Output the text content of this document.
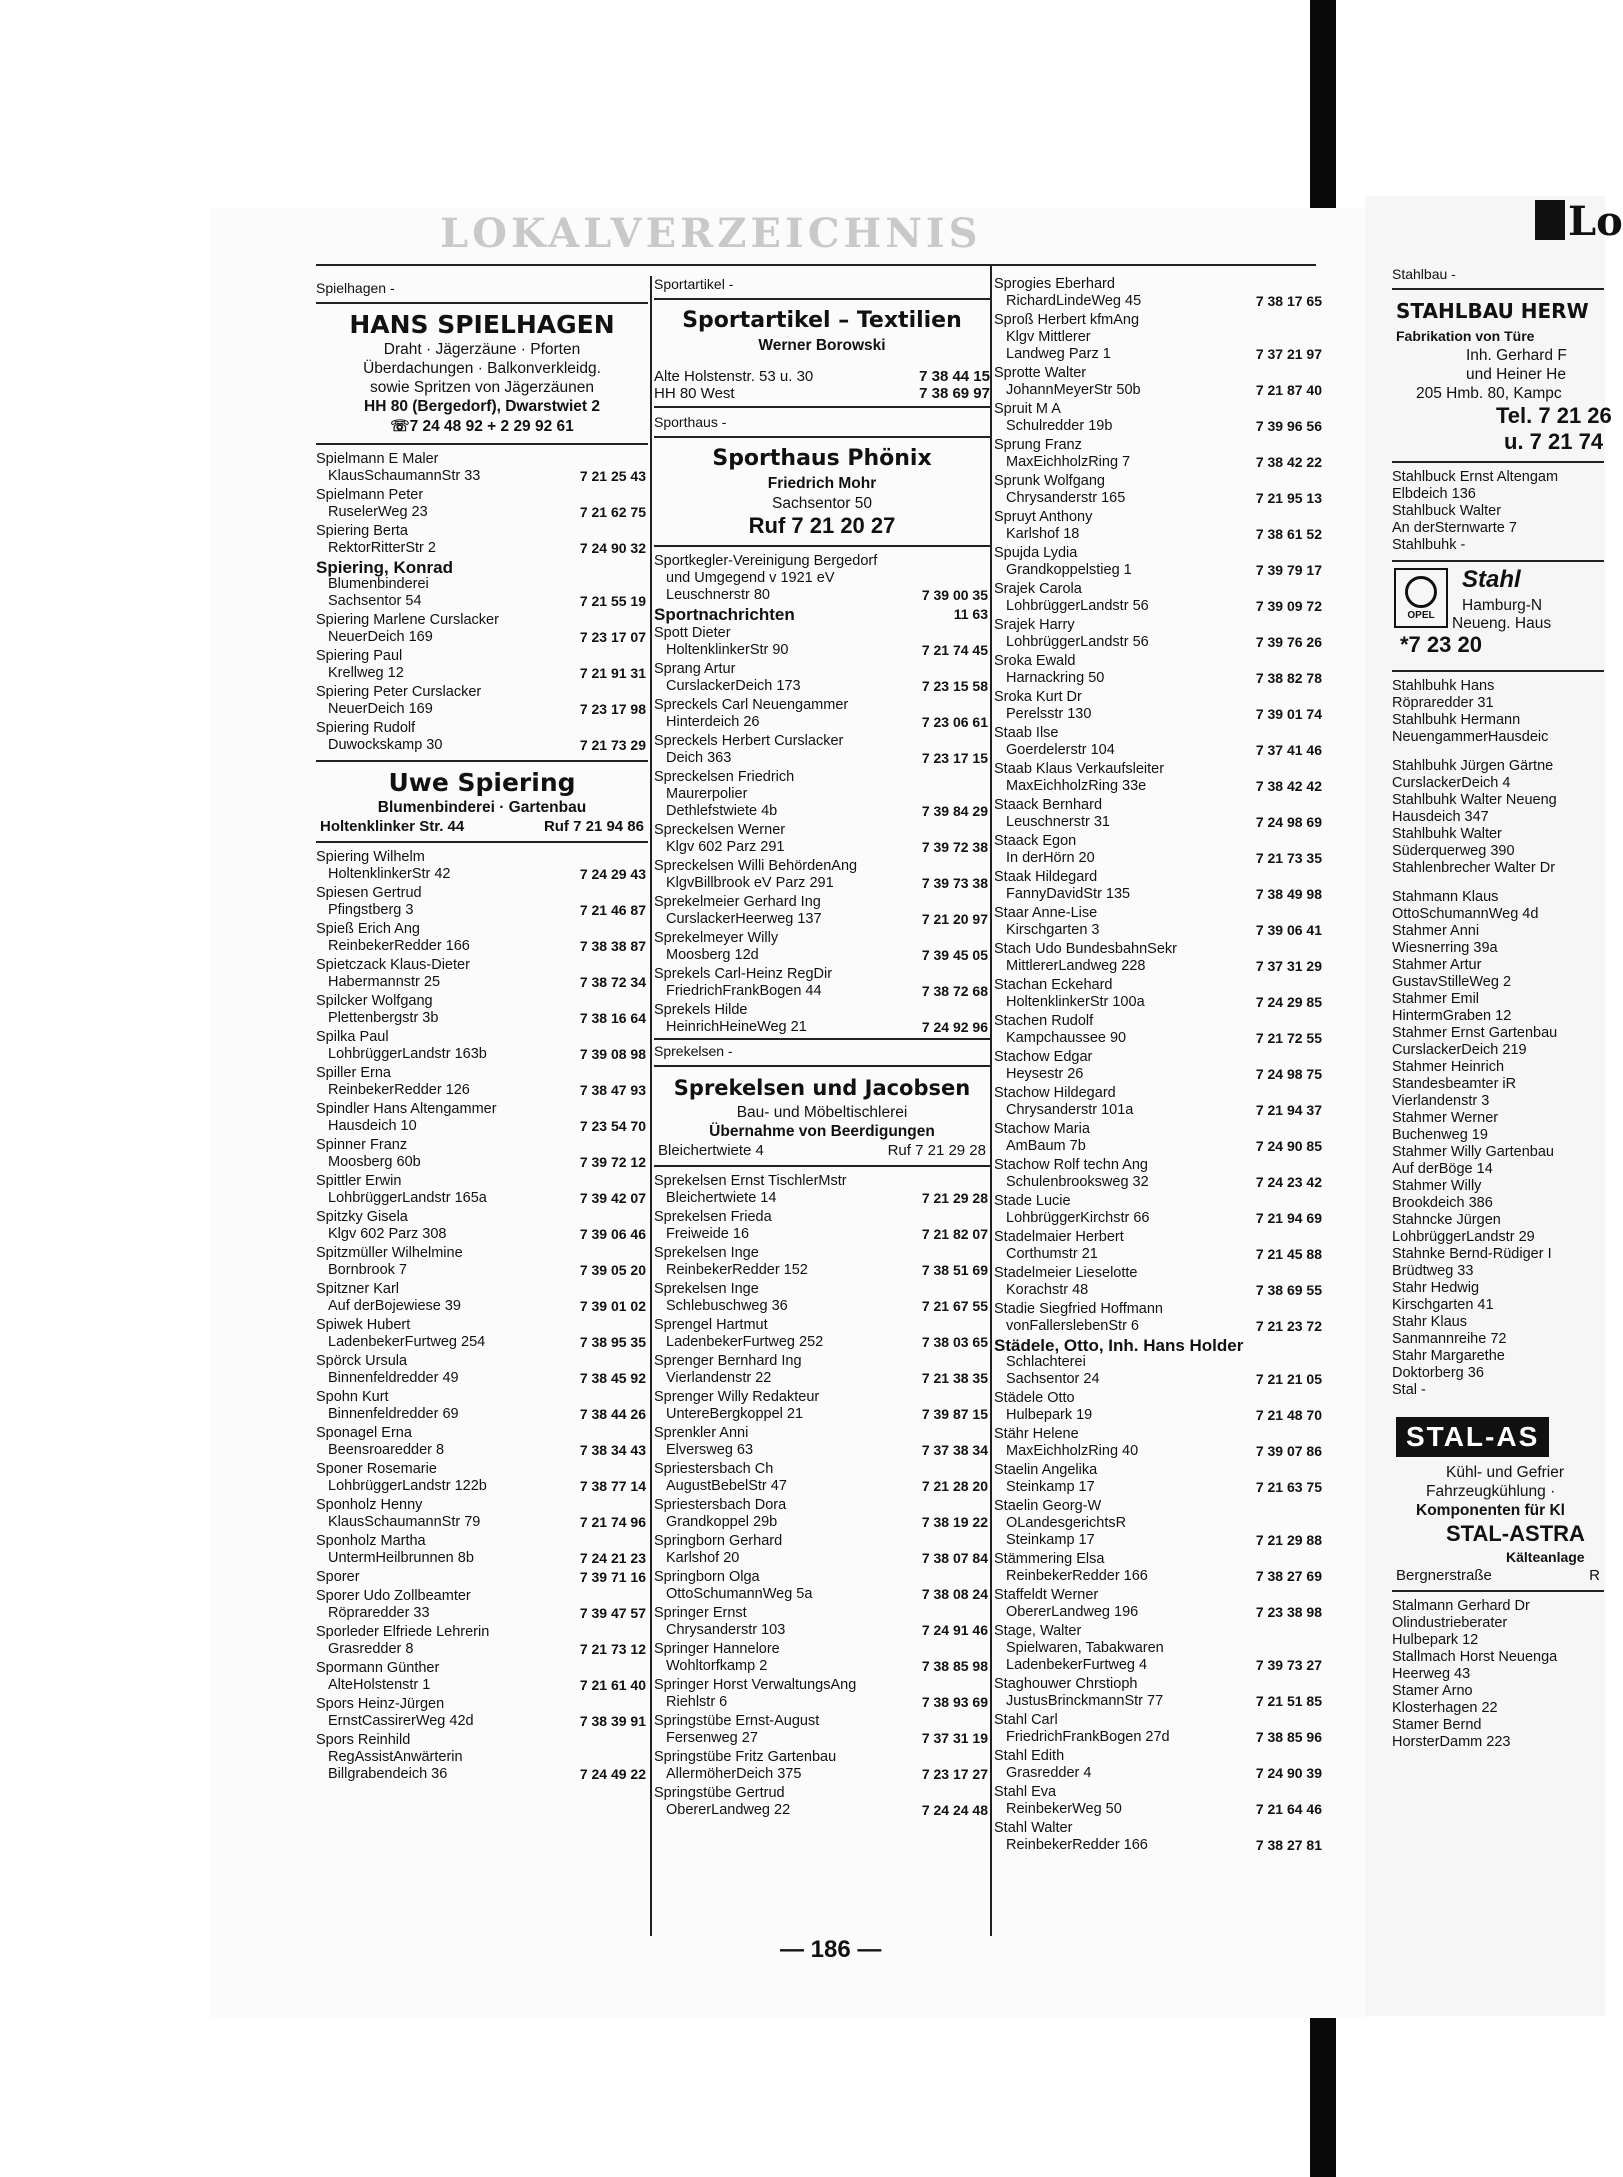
Lo
LOKALVERZEICHNIS
Spielhagen -
HANS SPIELHAGEN
Draht · Jägerzäune · Pforten
Überdachungen · Balkonverkleidg.
sowie Spritzen von Jägerzäunen
HH 80 (Bergedorf), Dwarstwiet 2
☏7 24 48 92 + 2 29 92 61
Spielmann E Maler
KlausSchaumannStr 33	7 21 25 43
Spielmann Peter
RuselerWeg 23	7 21 62 75
Spiering Berta
RektorRitterStr 2	7 24 90 32
Spiering, Konrad
Blumenbinderei
Sachsentor 54	7 21 55 19
Spiering Marlene Curslacker
NeuerDeich 169	7 23 17 07
Spiering Paul
Krellweg 12	7 21 91 31
Spiering Peter Curslacker
NeuerDeich 169	7 23 17 98
Spiering Rudolf
Duwockskamp 30	7 21 73 29
Uwe Spiering
Blumenbinderei · Gartenbau
Holtenklinker Str. 44	Ruf 7 21 94 86
Spiering Wilhelm
HoltenklinkerStr 42	7 24 29 43
Spiesen Gertrud
Pfingstberg 3	7 21 46 87
Spieß Erich Ang
ReinbekerRedder 166	7 38 38 87
Spietczack Klaus-Dieter
Habermannstr 25	7 38 72 34
Spilcker Wolfgang
Plettenbergstr 3b	7 38 16 64
Spilka Paul
LohbrüggerLandstr 163b	7 39 08 98
Spiller Erna
ReinbekerRedder 126	7 38 47 93
Spindler Hans Altengammer
Hausdeich 10	7 23 54 70
Spinner Franz
Moosberg 60b	7 39 72 12
Spittler Erwin
LohbrüggerLandstr 165a	7 39 42 07
Spitzky Gisela
Klgv 602 Parz 308	7 39 06 46
Spitzmüller Wilhelmine
Bornbrook 7	7 39 05 20
Spitzner Karl
Auf derBojewiese 39	7 39 01 02
Spiwek Hubert
LadenbekerFurtweg 254	7 38 95 35
Spörck Ursula
Binnenfeldredder 49	7 38 45 92
Spohn Kurt
Binnenfeldredder 69	7 38 44 26
Sponagel Erna
Beensroaredder 8	7 38 34 43
Sponer Rosemarie
LohbrüggerLandstr 122b	7 38 77 14
Sponholz Henny
KlausSchaumannStr 79	7 21 74 96
Sponholz Martha
UntermHeilbrunnen 8b	7 24 21 23
Sporer	7 39 71 16
Sporer Udo Zollbeamter
Röpraredder 33	7 39 47 57
Sporleder Elfriede Lehrerin
Grasredder 8	7 21 73 12
Spormann Günther
AlteHolstenstr 1	7 21 61 40
Spors Heinz-Jürgen
ErnstCassirerWeg 42d	7 38 39 91
Spors Reinhild
RegAssistAnwärterin
Billgrabendeich 36	7 24 49 22
Sportartikel -
Sportartikel – Textilien
Werner Borowski
Alte Holstenstr. 53 u. 30	7 38 44 15
HH 80 West	7 38 69 97
Sporthaus -
Sporthaus Phönix
Friedrich Mohr
Sachsentor 50
Ruf 7 21 20 27
Sportkegler-Vereinigung Bergedorf
und Umgegend v 1921 eV
Leuschnerstr 80	7 39 00 35
Sportnachrichten	11 63
Spott Dieter
HoltenklinkerStr 90	7 21 74 45
Sprang Artur
CurslackerDeich 173	7 23 15 58
Spreckels Carl Neuengammer
Hinterdeich 26	7 23 06 61
Spreckels Herbert Curslacker
Deich 363	7 23 17 15
Spreckelsen Friedrich
Maurerpolier
Dethlefstwiete 4b	7 39 84 29
Spreckelsen Werner
Klgv 602 Parz 291	7 39 72 38
Spreckelsen Willi BehördenAng
KlgvBillbrook eV Parz 291	7 39 73 38
Sprekelmeier Gerhard Ing
CurslackerHeerweg 137	7 21 20 97
Sprekelmeyer Willy
Moosberg 12d	7 39 45 05
Sprekels Carl-Heinz RegDir
FriedrichFrankBogen 44	7 38 72 68
Sprekels Hilde
HeinrichHeineWeg 21	7 24 92 96
Sprekelsen -
Sprekelsen und Jacobsen
Bau- und Möbeltischlerei
Übernahme von Beerdigungen
Bleichertwiete 4	Ruf 7 21 29 28
Sprekelsen Ernst TischlerMstr
Bleichertwiete 14	7 21 29 28
Sprekelsen Frieda
Freiweide 16	7 21 82 07
Sprekelsen Inge
ReinbekerRedder 152	7 38 51 69
Sprekelsen Inge
Schlebuschweg 36	7 21 67 55
Sprengel Hartmut
LadenbekerFurtweg 252	7 38 03 65
Sprenger Bernhard Ing
Vierlandenstr 22	7 21 38 35
Sprenger Willy Redakteur
UntereBergkoppel 21	7 39 87 15
Sprenkler Anni
Elversweg 63	7 37 38 34
Spriestersbach Ch
AugustBebelStr 47	7 21 28 20
Spriestersbach Dora
Grandkoppel 29b	7 38 19 22
Springborn Gerhard
Karlshof 20	7 38 07 84
Springborn Olga
OttoSchumannWeg 5a	7 38 08 24
Springer Ernst
Chrysanderstr 103	7 24 91 46
Springer Hannelore
Wohltorfkamp 2	7 38 85 98
Springer Horst VerwaltungsAng
Riehlstr 6	7 38 93 69
Springstübe Ernst-August
Fersenweg 27	7 37 31 19
Springstübe Fritz Gartenbau
AllermöherDeich 375	7 23 17 27
Springstübe Gertrud
ObererLandweg 22	7 24 24 48
Sprogies Eberhard
RichardLindeWeg 45	7 38 17 65
Sproß Herbert kfmAng
Klgv Mittlerer
Landweg Parz 1	7 37 21 97
Sprotte Walter
JohannMeyerStr 50b	7 21 87 40
Spruit M A
Schulredder 19b	7 39 96 56
Sprung Franz
MaxEichholzRing 7	7 38 42 22
Sprunk Wolfgang
Chrysanderstr 165	7 21 95 13
Spruyt Anthony
Karlshof 18	7 38 61 52
Spujda Lydia
Grandkoppelstieg 1	7 39 79 17
Srajek Carola
LohbrüggerLandstr 56	7 39 09 72
Srajek Harry
LohbrüggerLandstr 56	7 39 76 26
Sroka Ewald
Harnackring 50	7 38 82 78
Sroka Kurt Dr
Perelsstr 130	7 39 01 74
Staab Ilse
Goerdelerstr 104	7 37 41 46
Staab Klaus Verkaufsleiter
MaxEichholzRing 33e	7 38 42 42
Staack Bernhard
Leuschnerstr 31	7 24 98 69
Staack Egon
In derHörn 20	7 21 73 35
Staak Hildegard
FannyDavidStr 135	7 38 49 98
Staar Anne-Lise
Kirschgarten 3	7 39 06 41
Stach Udo BundesbahnSekr
MittlererLandweg 228	7 37 31 29
Stachan Eckehard
HoltenklinkerStr 100a	7 24 29 85
Stachen Rudolf
Kampchaussee 90	7 21 72 55
Stachow Edgar
Heysestr 26	7 24 98 75
Stachow Hildegard
Chrysanderstr 101a	7 21 94 37
Stachow Maria
AmBaum 7b	7 24 90 85
Stachow Rolf techn Ang
Schulenbrooksweg 32	7 24 23 42
Stade Lucie
LohbrüggerKirchstr 66	7 21 94 69
Stadelmaier Herbert
Corthumstr 21	7 21 45 88
Stadelmeier Lieselotte
Korachstr 48	7 38 69 55
Stadie Siegfried Hoffmann
vonFallerslebenStr 6	7 21 23 72
Städele, Otto, Inh. Hans Holder
Schlachterei
Sachsentor 24	7 21 21 05
Städele Otto
Hulbepark 19	7 21 48 70
Stähr Helene
MaxEichholzRing 40	7 39 07 86
Staelin Angelika
Steinkamp 17	7 21 63 75
Staelin Georg-W
OLandesgerichtsR
Steinkamp 17	7 21 29 88
Stämmering Elsa
ReinbekerRedder 166	7 38 27 69
Staffeldt Werner
ObererLandweg 196	7 23 38 98
Stage, Walter
Spielwaren, Tabakwaren
LadenbekerFurtweg 4	7 39 73 27
Staghouwer Chrstioph
JustusBrinckmannStr 77	7 21 51 85
Stahl Carl
FriedrichFrankBogen 27d	7 38 85 96
Stahl Edith
Grasredder 4	7 24 90 39
Stahl Eva
ReinbekerWeg 50	7 21 64 46
Stahl Walter
ReinbekerRedder 166	7 38 27 81
— 186 —
Stahlbau -
STAHLBAU HERW
Fabrikation von Türe
Inh. Gerhard F
und Heiner He
205 Hmb. 80, Kampc
Tel. 7 21 26
u. 7 21 74
Stahlbuck Ernst Altengam
Elbdeich 136
Stahlbuck Walter
An derSternwarte 7
Stahlbuhk -
OPEL
Stahl
Hamburg-N
Neueng. Haus
*7 23 20
Stahlbuhk Hans
Röpraredder 31
Stahlbuhk Hermann
NeuengammerHausdeic
Stahlbuhk Jürgen Gärtne
CurslackerDeich 4
Stahlbuhk Walter Neueng
Hausdeich 347
Stahlbuhk Walter
Süderquerweg 390
Stahlenbrecher Walter Dr
Stahmann Klaus
OttoSchumannWeg 4d
Stahmer Anni
Wiesnerring 39a
Stahmer Artur
GustavStilleWeg 2
Stahmer Emil
HintermGraben 12
Stahmer Ernst Gartenbau
CurslackerDeich 219
Stahmer Heinrich
Standesbeamter iR
Vierlandenstr 3
Stahmer Werner
Buchenweg 19
Stahmer Willy Gartenbau
Auf derBöge 14
Stahmer Willy
Brookdeich 386
Stahncke Jürgen
LohbrüggerLandstr 29
Stahnke Bernd-Rüdiger I
Brüdtweg 33
Stahr Hedwig
Kirschgarten 41
Stahr Klaus
Sanmannreihe 72
Stahr Margarethe
Doktorberg 36
Stal -
STAL-AS
Kühl- und Gefrier
Fahrzeugkühlung ·
Komponenten für Kl
STAL-ASTRA
Kälteanlage
Bergnerstraße	R
Stalmann Gerhard Dr
Olindustrieberater
Hulbepark 12
Stallmach Horst Neuenga
Heerweg 43
Stamer Arno
Klosterhagen 22
Stamer Bernd
HorsterDamm 223
